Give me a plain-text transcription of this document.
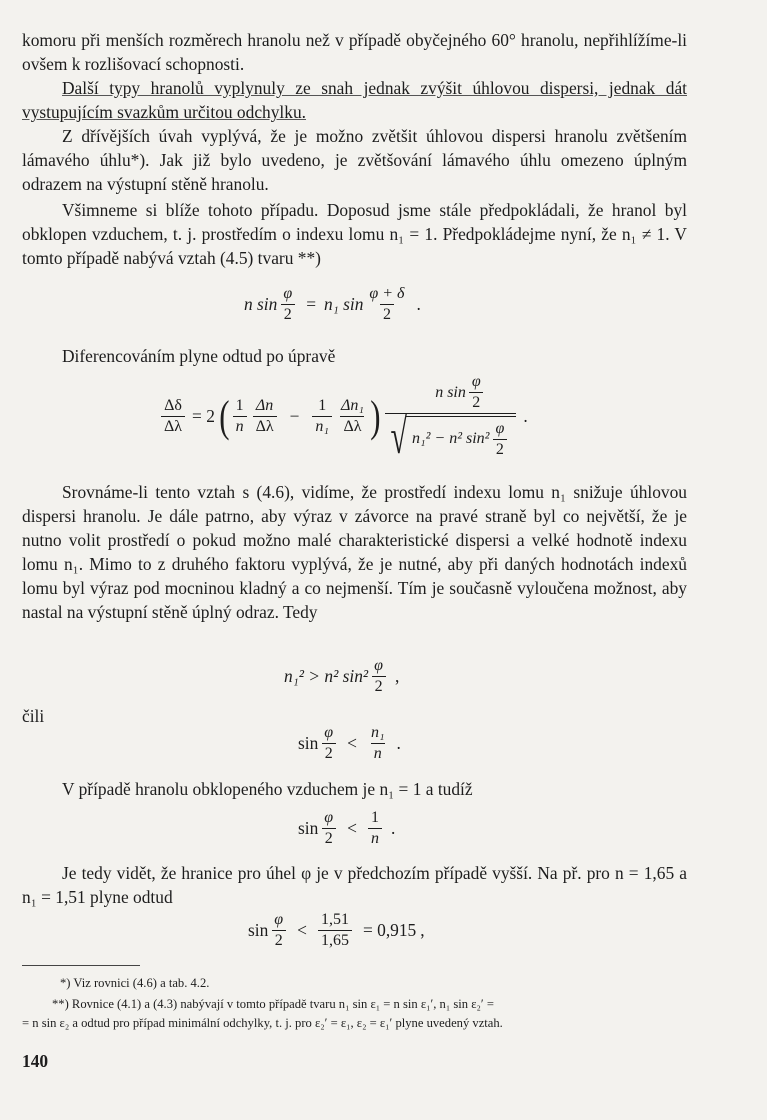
komoru při menších rozměrech hranolu než v případě obyčejného 60° hranolu, nepřihlížíme-li ovšem k rozlišovací schopnosti.

Další typy hranolů vyplynuly ze snah jednak zvýšit úhlovou dispersi, jednak dát vystupujícím svazkům určitou odchylku.

Z dřívějších úvah vyplývá, že je možno zvětšit úhlovou dispersi hranolu zvětšením lámavého úhlu*). Jak již bylo uvedeno, je zvětšování lámavého úhlu omezeno úplným odrazem na výstupní stěně hranolu.

Všimneme si blíže tohoto případu. Doposud jsme stále předpokládali, že hranol byl obklopen vzduchem, t. j. prostředím o indexu lomu n₁ = 1. Předpokládejme nyní, že n₁ ≠ 1. V tomto případě nabývá vztah (4.5) tvaru **)

n $\sin \frac{\varphi}{2} = n_1$ $\sin \frac{\varphi + \delta}{2}$ .

Diferencováním plyne odtud po úpravě

$\frac{\Delta\delta}{\Delta\lambda} = 2$ ( $\frac{1}{n} \frac{\Delta n}{\Delta\lambda} - \frac{1}{\text{n₁}} \frac{\text{Δn₁}}{\Delta\lambda}$ ) $\frac{n \sin \frac{\varphi}{2}}{√ n_1^2 - n^2 \sin^2 \frac{\varphi}{2}}$ .

Srovnáme-li tento vztah s (4.6), vidíme, že prostředí indexu lomu n₁ snižuje úhlovou dispersi hranolu. Je dále patrno, aby výraz v závorce na pravé straně byl co největší, že je nutno volit prostředí o pokud možno malé charakteristické dispersi a velké hodnotě indexu lomu n₁. Mimo to z druhého faktoru vyplývá, že je nutné, aby při daných hodnotách indexů lomu byl výraz pod mocninou kladný a co nejmenší. Tím je současně vyloučena možnost, aby nastal na výstupní stěně úplný odraz. Tedy

n₁² > n² $\sin^2 \frac{\varphi}{2}$ ,

čili

$\sin \frac{\varphi}{2} < \frac{\text{n₁}}{n}$ .

V případě hranolu obklopeného vzduchem je n₁ = 1 a tudíž

$\sin \frac{\varphi}{2} < \frac{1}{n}$ .

Je tedy vidět, že hranice pro úhel φ je v předchozím případě vyšší. Na př. pro n = 1,65 a n₁ = 1,51 plyne odtud

$\sin \frac{\varphi}{2} < \frac{1,51}{1,65} = 0,915$ ,
*) Viz rovnici (4.6) a tab. 4.2.
**) Rovnice (4.1) a (4.3) nabývají v tomto případě tvaru n₁ sin ε₁ = n sin ε₁′, n₁ sin ε₂′ =
= n sin ε₂ a odtud pro případ minimální odchylky, t. j. pro ε₂′ = ε₁, ε₂ = ε₁′ plyne uvedený vztah.
140
